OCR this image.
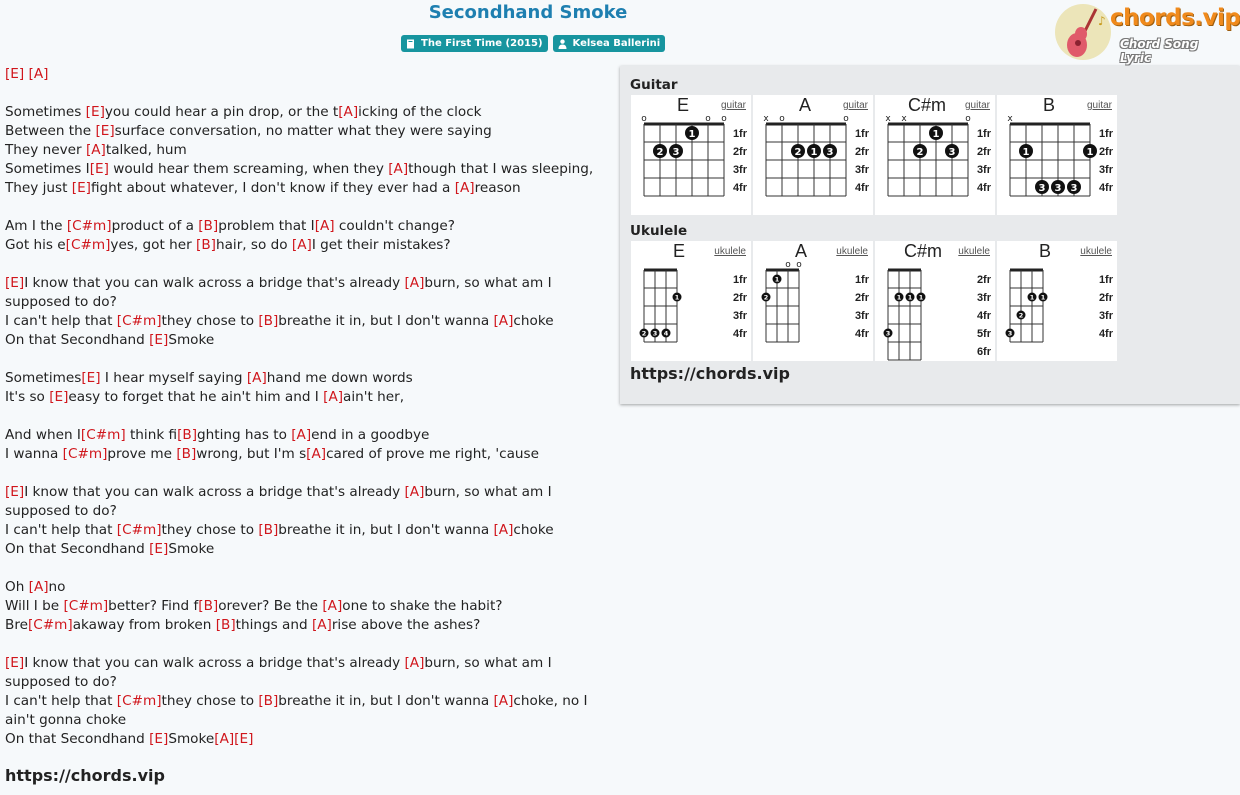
Secondhand Smoke
The First Time (2015)	Kelsea Ballerini
♪ chords.vip
Chord Song Lyric
[E] [A]
Sometimes [E]you could hear a pin drop, or the t[A]icking of the clock
Between the [E]surface conversation, no matter what they were saying
They never [A]talked, hum
Sometimes I[E] would hear them screaming, when they [A]though that I was sleeping,
They just [E]fight about whatever, I don't know if they ever had a [A]reason
Am I the [C#m]product of a [B]problem that I[A] couldn't change?
Got his e[C#m]yes, got her [B]hair, so do [A]I get their mistakes?
[E]I know that you can walk across a bridge that's already [A]burn, so what am I supposed to do?
I can't help that [C#m]they chose to [B]breathe it in, but I don't wanna [A]choke
On that Secondhand [E]Smoke
Sometimes[E] I hear myself saying [A]hand me down words
It's so [E]easy to forget that he ain't him and I [A]ain't her,
And when I[C#m] think fi[B]ghting has to [A]end in a goodbye
I wanna [C#m]prove me [B]wrong, but I'm s[A]cared of prove me right, 'cause
[E]I know that you can walk across a bridge that's already [A]burn, so what am I supposed to do?
I can't help that [C#m]they chose to [B]breathe it in, but I don't wanna [A]choke
On that Secondhand [E]Smoke
Oh [A]no
Will I be [C#m]better? Find f[B]orever? Be the [A]one to shake the habit?
Bre[C#m]akaway from broken [B]things and [A]rise above the ashes?
[E]I know that you can walk across a bridge that's already [A]burn, so what am I supposed to do?
I can't help that [C#m]they chose to [B]breathe it in, but I don't wanna [A]choke, no I ain't gonna choke
On that Secondhand [E]Smoke[A][E]
https://chords.vip
Guitar
E	guitar
1fr
2fr
3fr
4fr
o	o o
1
2 3
A	guitar
1fr
2fr
3fr
4fr
x o	o
2 1 3
C#m	guitar
1fr
2fr
3fr
4fr
x x	o
1
2	3
B	guitar
1fr
2fr
3fr
4fr
x
1	1
3 3 3
Ukulele
E	ukulele
1fr
2fr
3fr
4fr
1
2 3 4
A	ukulele
1fr
2fr
3fr
4fr
o o
1
2
C#m	ukulele
2fr
3fr
4fr
5fr
6fr
1 1 1
3
B	ukulele
1fr
2fr
3fr
4fr
1 1
2
3
https://chords.vip
